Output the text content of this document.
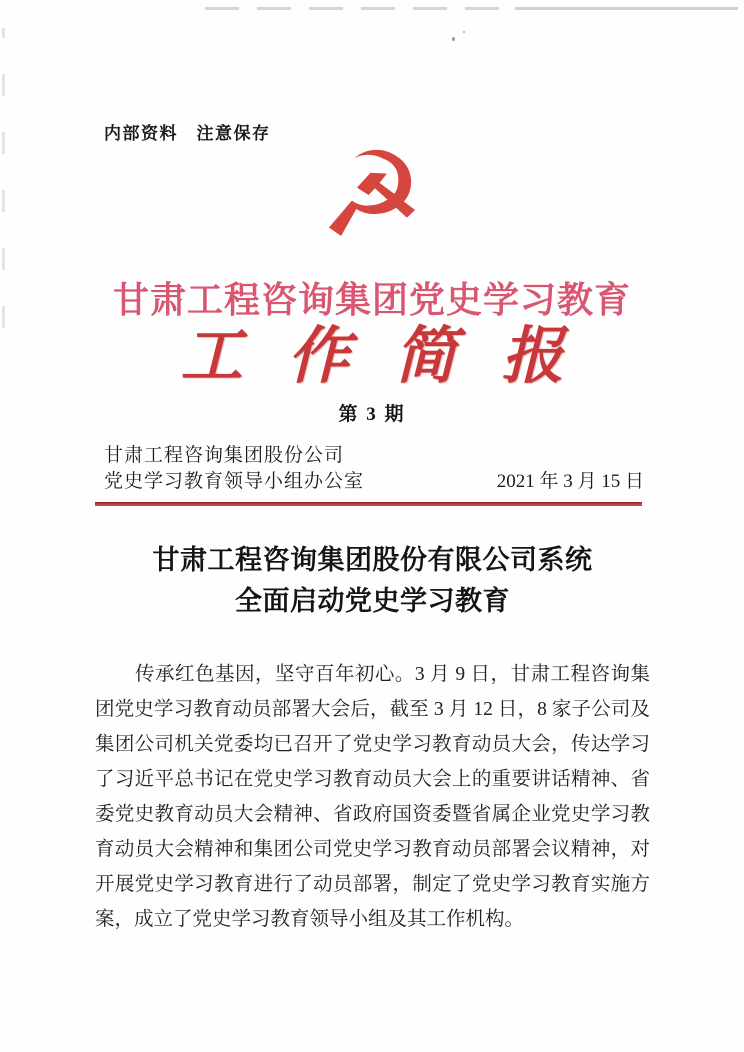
内部资料　注意保存 ☭
甘肃工程咨询集团党史学习教育
工作简报
第 3 期
甘肃工程咨询集团股份公司
党史学习教育领导小组办公室	2021 年 3 月 15 日
甘肃工程咨询集团股份有限公司系统
全面启动党史学习教育
传承红色基因，坚守百年初心。3 月 9 日，甘肃工程咨询集
团党史学习教育动员部署大会后，截至 3 月 12 日，8 家子公司及
集团公司机关党委均已召开了党史学习教育动员大会，传达学习
了习近平总书记在党史学习教育动员大会上的重要讲话精神、省
委党史教育动员大会精神、省政府国资委暨省属企业党史学习教
育动员大会精神和集团公司党史学习教育动员部署会议精神，对
开展党史学习教育进行了动员部署，制定了党史学习教育实施方
案，成立了党史学习教育领导小组及其工作机构。
